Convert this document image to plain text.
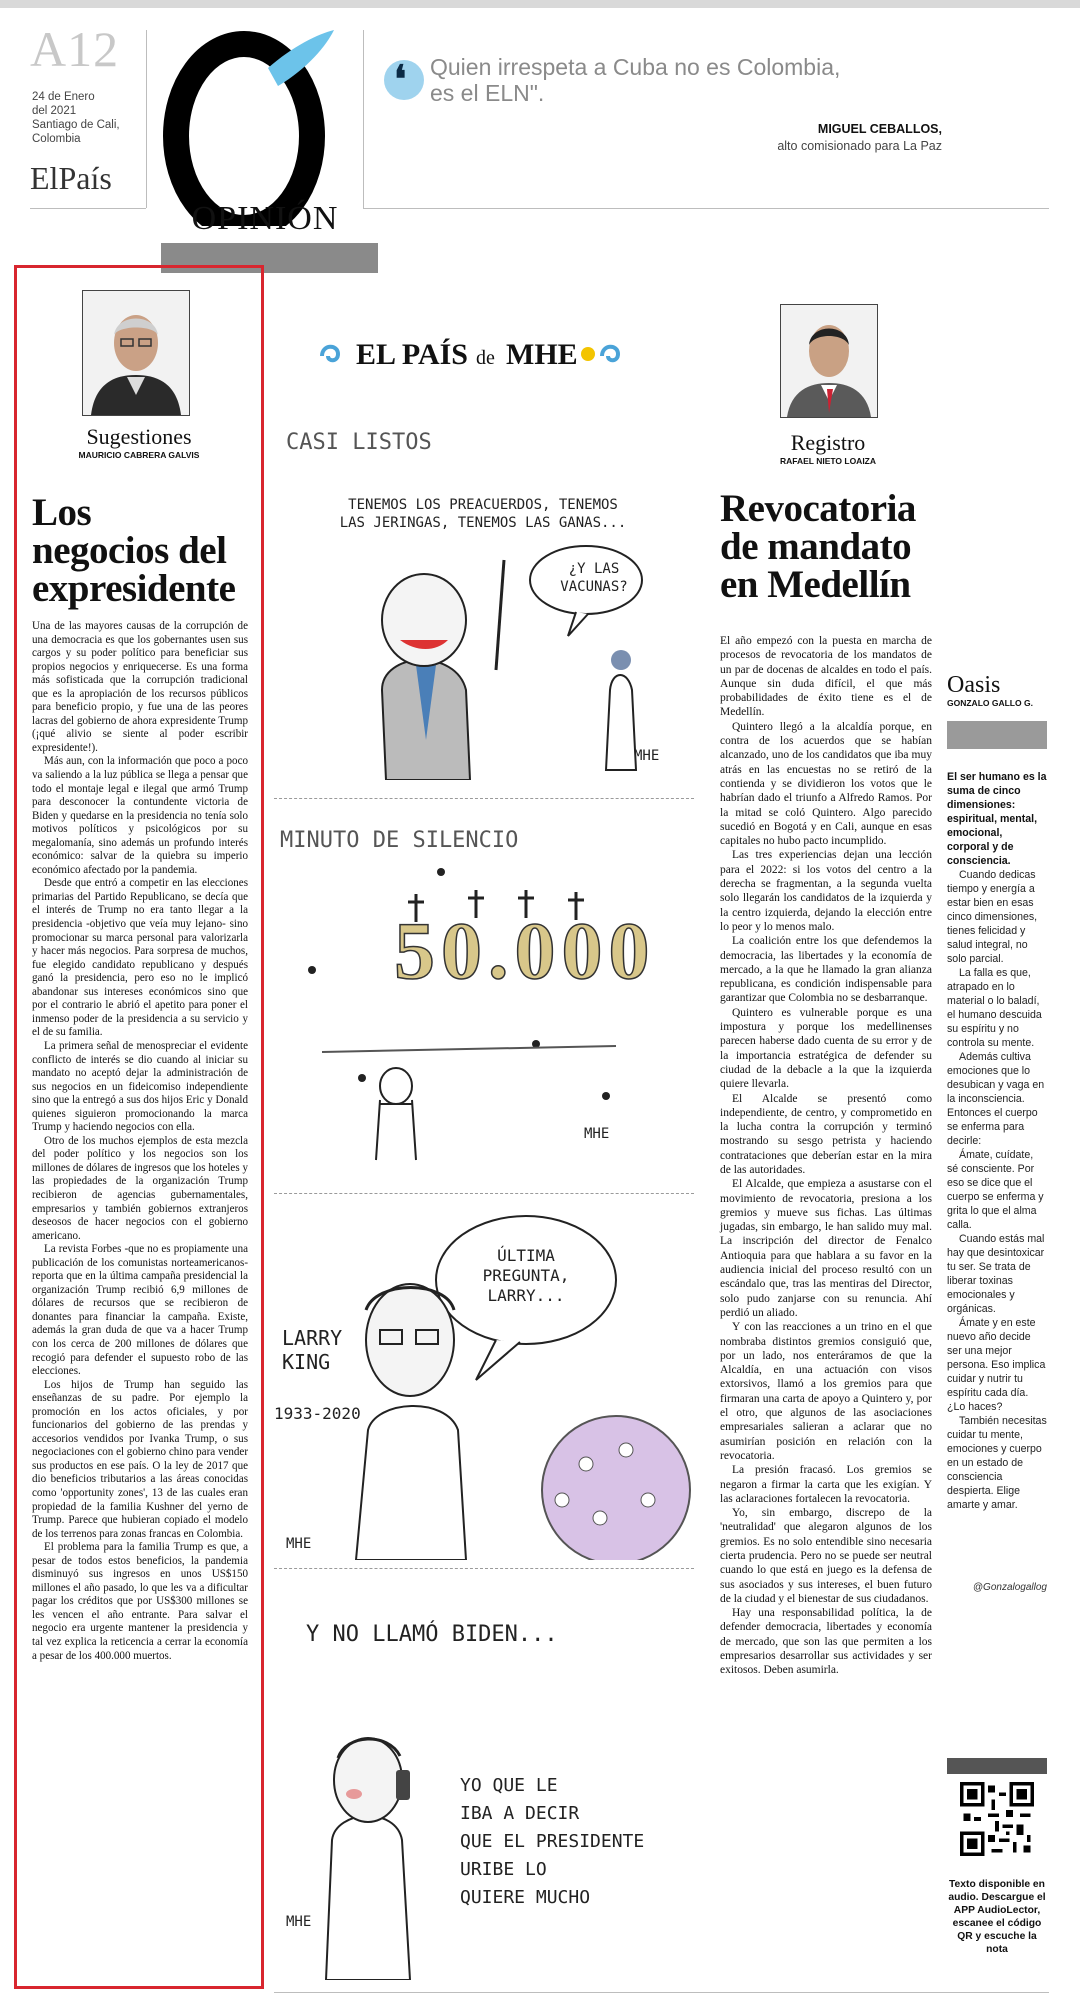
A12
24 de Enero
del 2021
Santiago de Cali,
Colombia
ElPaís
OPINIÓN
❛ Quien irrespeta a Cuba no es Colombia,
es el ELN".
MIGUEL CEBALLOS,
alto comisionado para La Paz
Sugestiones
MAURICIO CABRERA GALVIS
Los
negocios del
expresidente

Una de las mayores causas de la corrupción de una democracia es que los gobernantes usen sus cargos y su poder político para beneficiar sus propios negocios y enriquecerse. Es una forma más sofisticada que la corrupción tradicional que es la apropiación de los recursos públicos para beneficio propio, y fue una de las peores lacras del gobierno de ahora expresidente Trump (¡qué alivio se siente al poder escribir expresidente!).

Más aun, con la información que poco a poco va saliendo a la luz pública se llega a pensar que todo el montaje legal e ilegal que armó Trump para desconocer la contundente victoria de Biden y quedarse en la presidencia no tenía solo motivos políticos y psicológicos por su megalomanía, sino además un profundo interés económico: salvar de la quiebra su imperio económico afectado por la pandemia.

Desde que entró a competir en las elecciones primarias del Partido Republicano, se decía que el interés de Trump no era tanto llegar a la presidencia -objetivo que veía muy lejano- sino promocionar su marca personal para valorizarla y hacer más negocios. Para sorpresa de muchos, fue elegido candidato republicano y después ganó la presidencia, pero eso no le implicó abandonar sus intereses económicos sino que por el contrario le abrió el apetito para poner el inmenso poder de la presidencia a su servicio y el de su familia.

La primera señal de menospreciar el evidente conflicto de interés se dio cuando al iniciar su mandato no aceptó dejar la administración de sus negocios en un fideicomiso independiente sino que la entregó a sus dos hijos Eric y Donald quienes siguieron promocionando la marca Trump y haciendo negocios con ella.

Otro de los muchos ejemplos de esta mezcla del poder político y los negocios son los millones de dólares de ingresos que los hoteles y las propiedades de la organización Trump recibieron de agencias gubernamentales, empresarios y también gobiernos extranjeros deseosos de hacer negocios con el gobierno americano.

La revista Forbes -que no es propiamente una publicación de los comunistas norteamericanos- reporta que en la última campaña presidencial la organización Trump recibió 6,9 millones de dólares de recursos que se recibieron de donantes para financiar la campaña. Existe, además la gran duda de que va a hacer Trump con los cerca de 200 millones de dólares que recogió para defender el supuesto robo de las elecciones.

Los hijos de Trump han seguido las enseñanzas de su padre. Por ejemplo la promoción en los actos oficiales, y por funcionarios del gobierno de las prendas y accesorios vendidos por Ivanka Trump, o sus negociaciones con el gobierno chino para vender sus productos en ese país. O la ley de 2017 que dio beneficios tributarios a las áreas conocidas como 'opportunity zones', 13 de las cuales eran propiedad de la familia Kushner del yerno de Trump. Parece que hubieran copiado el modelo de los terrenos para zonas francas en Colombia.

El problema para la familia Trump es que, a pesar de todos estos beneficios, la pandemia disminuyó sus ingresos en unos US$150 millones el año pasado, lo que les va a dificultar pagar los créditos que por US$300 millones se les vencen el año entrante. Para salvar el negocio era urgente mantener la presidencia y tal vez explica la reticencia a cerrar la economía a pesar de los 400.000 muertos.

EL PAÍS de MHE
CASI LISTOS
TENEMOS LOS PREACUERDOS, TENEMOS
LAS JERINGAS, TENEMOS LAS GANAS...
¿Y LAS
VACUNAS?
MHE
MINUTO DE SILENCIO
50.000
MHE
ÚLTIMA
PREGUNTA,
LARRY...
LARRY
KING
1933-2020
MHE
Y NO LLAMÓ BIDEN...
YO QUE LE
IBA A DECIR
QUE EL PRESIDENTE
URIBE LO
QUIERE MUCHO
MHE
Registro
RAFAEL NIETO LOAIZA
Revocatoria
de mandato
en Medellín

El año empezó con la puesta en marcha de procesos de revocatoria de los mandatos de un par de docenas de alcaldes en todo el país. Aunque sin duda difícil, el que más probabilidades de éxito tiene es el de Medellín.

Quintero llegó a la alcaldía porque, en contra de los acuerdos que se habían alcanzado, uno de los candidatos que iba muy atrás en las encuestas no se retiró de la contienda y se dividieron los votos que le habrían dado el triunfo a Alfredo Ramos. Por la mitad se coló Quintero. Algo parecido sucedió en Bogotá y en Cali, aunque en esas capitales no hubo pacto incumplido.

Las tres experiencias dejan una lección para el 2022: si los votos del centro a la derecha se fragmentan, a la segunda vuelta solo llegarán los candidatos de la izquierda y la centro izquierda, dejando la elección entre lo peor y lo menos malo.

La coalición entre los que defendemos la democracia, las libertades y la economía de mercado, a la que he llamado la gran alianza republicana, es condición indispensable para garantizar que Colombia no se desbarranque.

Quintero es vulnerable porque es una impostura y porque los medellinenses parecen haberse dado cuenta de su error y de la importancia estratégica de defender su ciudad de la debacle a la que la izquierda quiere llevarla.

El Alcalde se presentó como independiente, de centro, y comprometido en la lucha contra la corrupción y terminó mostrando su sesgo petrista y haciendo contrataciones que deberían estar en la mira de las autoridades.

El Alcalde, que empieza a asustarse con el movimiento de revocatoria, presiona a los gremios y mueve sus fichas. Las últimas jugadas, sin embargo, le han salido muy mal. La inscripción del director de Fenalco Antioquia para que hablara a su favor en la audiencia inicial del proceso resultó con un escándalo que, tras las mentiras del Director, solo pudo zanjarse con su renuncia. Ahí perdió un aliado.

Y con las reacciones a un trino en el que nombraba distintos gremios consiguió que, por un lado, nos enteráramos de que la Alcaldía, en una actuación con visos extorsivos, llamó a los gremios para que firmaran una carta de apoyo a Quintero y, por el otro, que algunos de las asociaciones empresariales salieran a aclarar que no asumirían posición en relación con la revocatoria.

La presión fracasó. Los gremios se negaron a firmar la carta que les exigían. Y las aclaraciones fortalecen la revocatoria.

Yo, sin embargo, discrepo de la 'neutralidad' que alegaron algunos de los gremios. Es no solo entendible sino necesaria cierta prudencia. Pero no se puede ser neutral cuando lo que está en juego es la defensa de sus asociados y sus intereses, el buen futuro de la ciudad y el bienestar de sus ciudadanos.

Hay una responsabilidad política, la de defender democracia, libertades y economía de mercado, que son las que permiten a los empresarios desarrollar sus actividades y ser exitosos. Deben asumirla.

Oasis
GONZALO GALLO G.

El ser humano es la suma de cinco dimensiones: espiritual, mental, emocional, corporal y de consciencia.

Cuando dedicas tiempo y energía a estar bien en esas cinco dimensiones, tienes felicidad y salud integral, no solo parcial.

La falla es que, atrapado en lo material o lo baladí, el humano descuida su espíritu y no controla su mente.

Además cultiva emociones que lo desubican y vaga en la inconsciencia. Entonces el cuerpo se enferma para decirle:

Ámate, cuídate, sé consciente. Por eso se dice que el cuerpo se enferma y grita lo que el alma calla.

Cuando estás mal hay que desintoxicar tu ser. Se trata de liberar toxinas emocionales y orgánicas.

Ámate y en este nuevo año decide ser una mejor persona. Eso implica cuidar y nutrir tu espíritu cada día. ¿Lo haces?

También necesitas cuidar tu mente, emociones y cuerpo en un estado de consciencia despierta. Elige amarte y amar.

@Gonzalogallog
Texto disponible en audio. Descargue el APP AudioLector, escanee el código QR y escuche la nota
